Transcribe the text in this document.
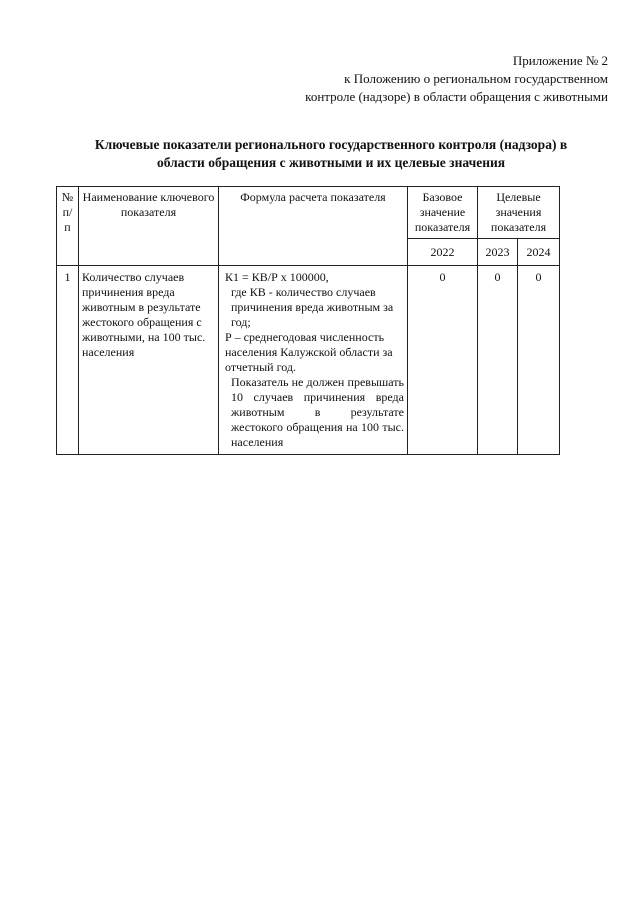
Приложение № 2
к Положению о региональном государственном
контроле (надзоре) в области обращения с животными
Ключевые показатели регионального государственного контроля (надзора) в
области обращения с животными и их целевые значения
№ п/п	Наименование ключевого показателя	Формула расчета показателя	Базовое значение показателя	Целевые значения показателя	
			2022	2023	2024
1	Количество случаев причинения вреда животным в результате жестокого обращения с животными, на 100 тыс. населения	К1 = КВ/Р х 100000,
где КВ - количество случаев причинения вреда животным за год;
Р – среднегодовая численность населения Калужской области за отчетный год.
Показатель не должен превышать 10 случаев причинения вреда животным в результате жестокого обращения на 100 тыс. населения	0	0	0
